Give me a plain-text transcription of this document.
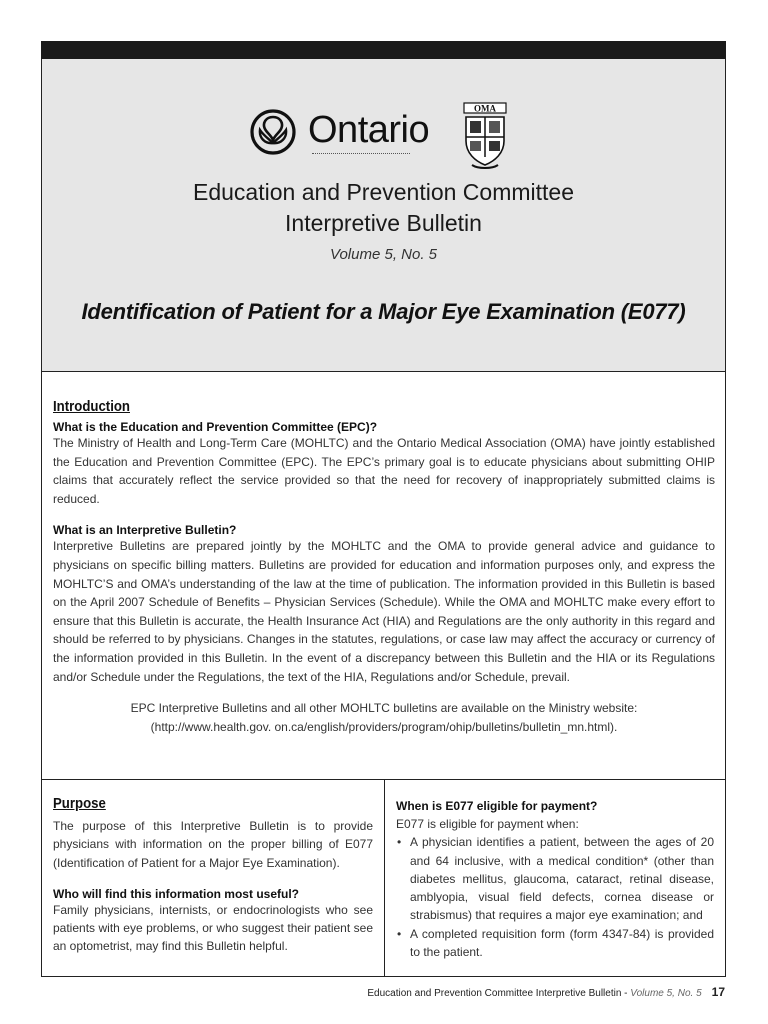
Ontario
OMA
Education and Prevention Committee
Interpretive Bulletin
Volume 5, No. 5
Identification of Patient for a Major Eye Examination (E077)
Introduction
What is the Education and Prevention Committee (EPC)?

The Ministry of Health and Long-Term Care (MOHLTC) and the Ontario Medical Association (OMA) have jointly established the Education and Prevention Committee (EPC). The EPC’s primary goal is to educate physicians about submitting OHIP claims that accurately reflect the service provided so that the need for recovery of inappropriately submitted claims is reduced.

What is an Interpretive Bulletin?

Interpretive Bulletins are prepared jointly by the MOHLTC and the OMA to provide general advice and guidance to physicians on specific billing matters. Bulletins are provided for education and information purposes only, and express the MOHLTC’S and OMA’s understanding of the law at the time of publication. The information provided in this Bulletin is based on the April 2007 Schedule of Benefits – Physician Services (Schedule). While the OMA and MOHLTC make every effort to ensure that this Bulletin is accurate, the Health Insurance Act (HIA) and Regulations are the only authority in this regard and should be referred to by physicians. Changes in the statutes, regulations, or case law may affect the accuracy or currency of the information provided in this Bulletin. In the event of a discrepancy between this Bulletin and the HIA or its Regulations and/or Schedule under the Regulations, the text of the HIA, Regulations and/or Schedule, prevail.

EPC Interpretive Bulletins and all other MOHLTC bulletins are available on the Ministry website:
(http://www.health.gov. on.ca/english/providers/program/ohip/bulletins/bulletin_mn.html).
Purpose

The purpose of this Interpretive Bulletin is to provide physicians with information on the proper billing of E077 (Identification of Patient for a Major Eye Examination).

Who will find this information most useful?

Family physicians, internists, or endocrinologists who see patients with eye problems, or who suggest their patient see an optometrist, may find this Bulletin helpful.

When is E077 eligible for payment?

E077 is eligible for payment when:

• A physician identifies a patient, between the ages of 20 and 64 inclusive, with a medical condition* (other than diabetes mellitus, glaucoma, cataract, retinal disease, amblyopia, visual field defects, cornea disease or strabismus) that requires a major eye examination; and
• A completed requisition form (form 4347-84) is provided to the patient.
Education and Prevention Committee Interpretive Bulletin - Volume 5, No. 5 17
